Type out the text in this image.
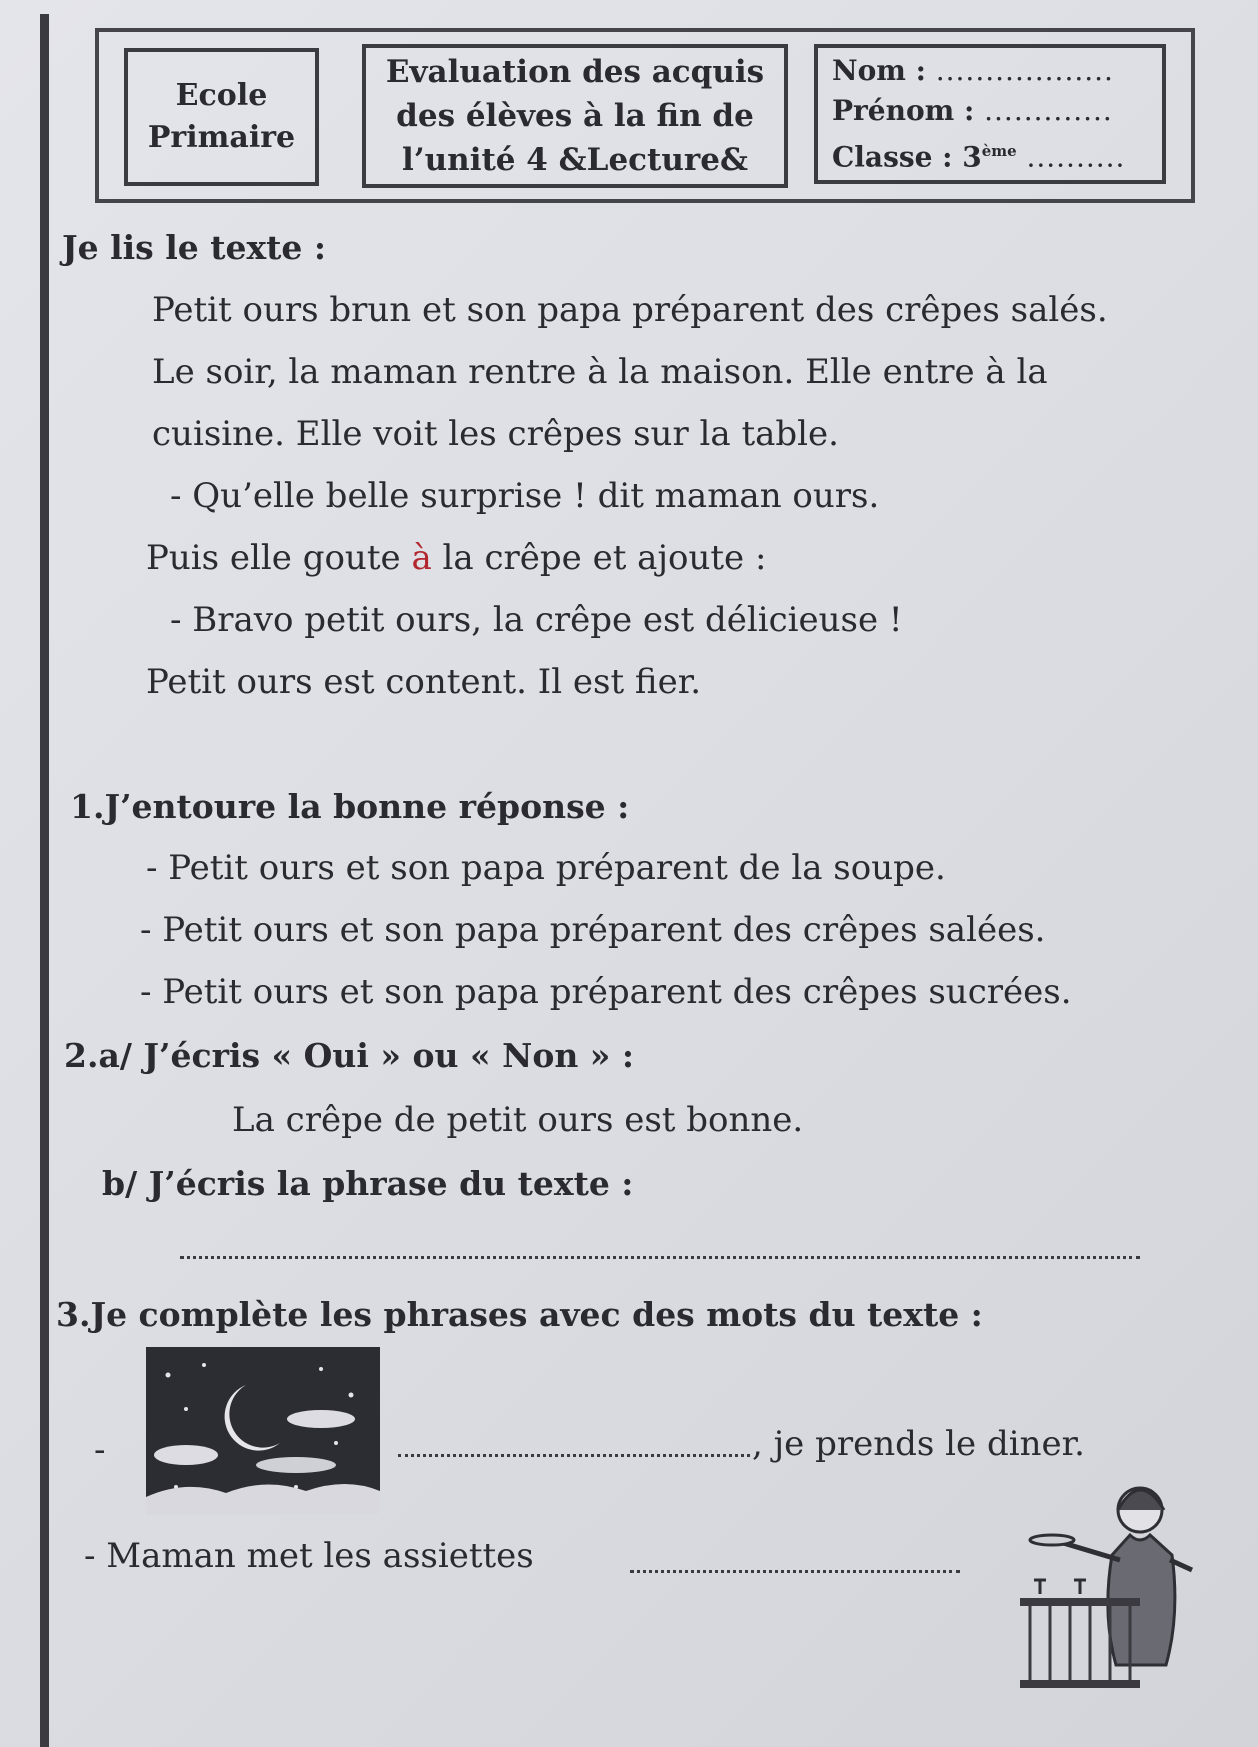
Ecole
Primaire
Evaluation des acquis
des élèves à la fin de
l’unité 4 &Lecture&
Nom : ..................
Prénom : .............
Classe : 3ème ..........
Je lis le texte :
Petit ours brun et son papa préparent des crêpes salés.
Le soir, la maman rentre à la maison. Elle entre à la
cuisine. Elle voit les crêpes sur la table.
- Qu’elle belle surprise ! dit maman ours.
Puis elle goute à la crêpe et ajoute :
- Bravo petit ours, la crêpe est délicieuse !
Petit ours est content. Il est fier.
1.J’entoure la bonne réponse :
- Petit ours et son papa préparent de la soupe.
- Petit ours et son papa préparent des crêpes salées.
- Petit ours et son papa préparent des crêpes sucrées.
2.a/ J’écris « Oui » ou « Non » :
La crêpe de petit ours est bonne.
b/ J’écris la phrase du texte :
3.Je complète les phrases avec des mots du texte :
-	, je prends le diner.
- Maman met les assiettes
